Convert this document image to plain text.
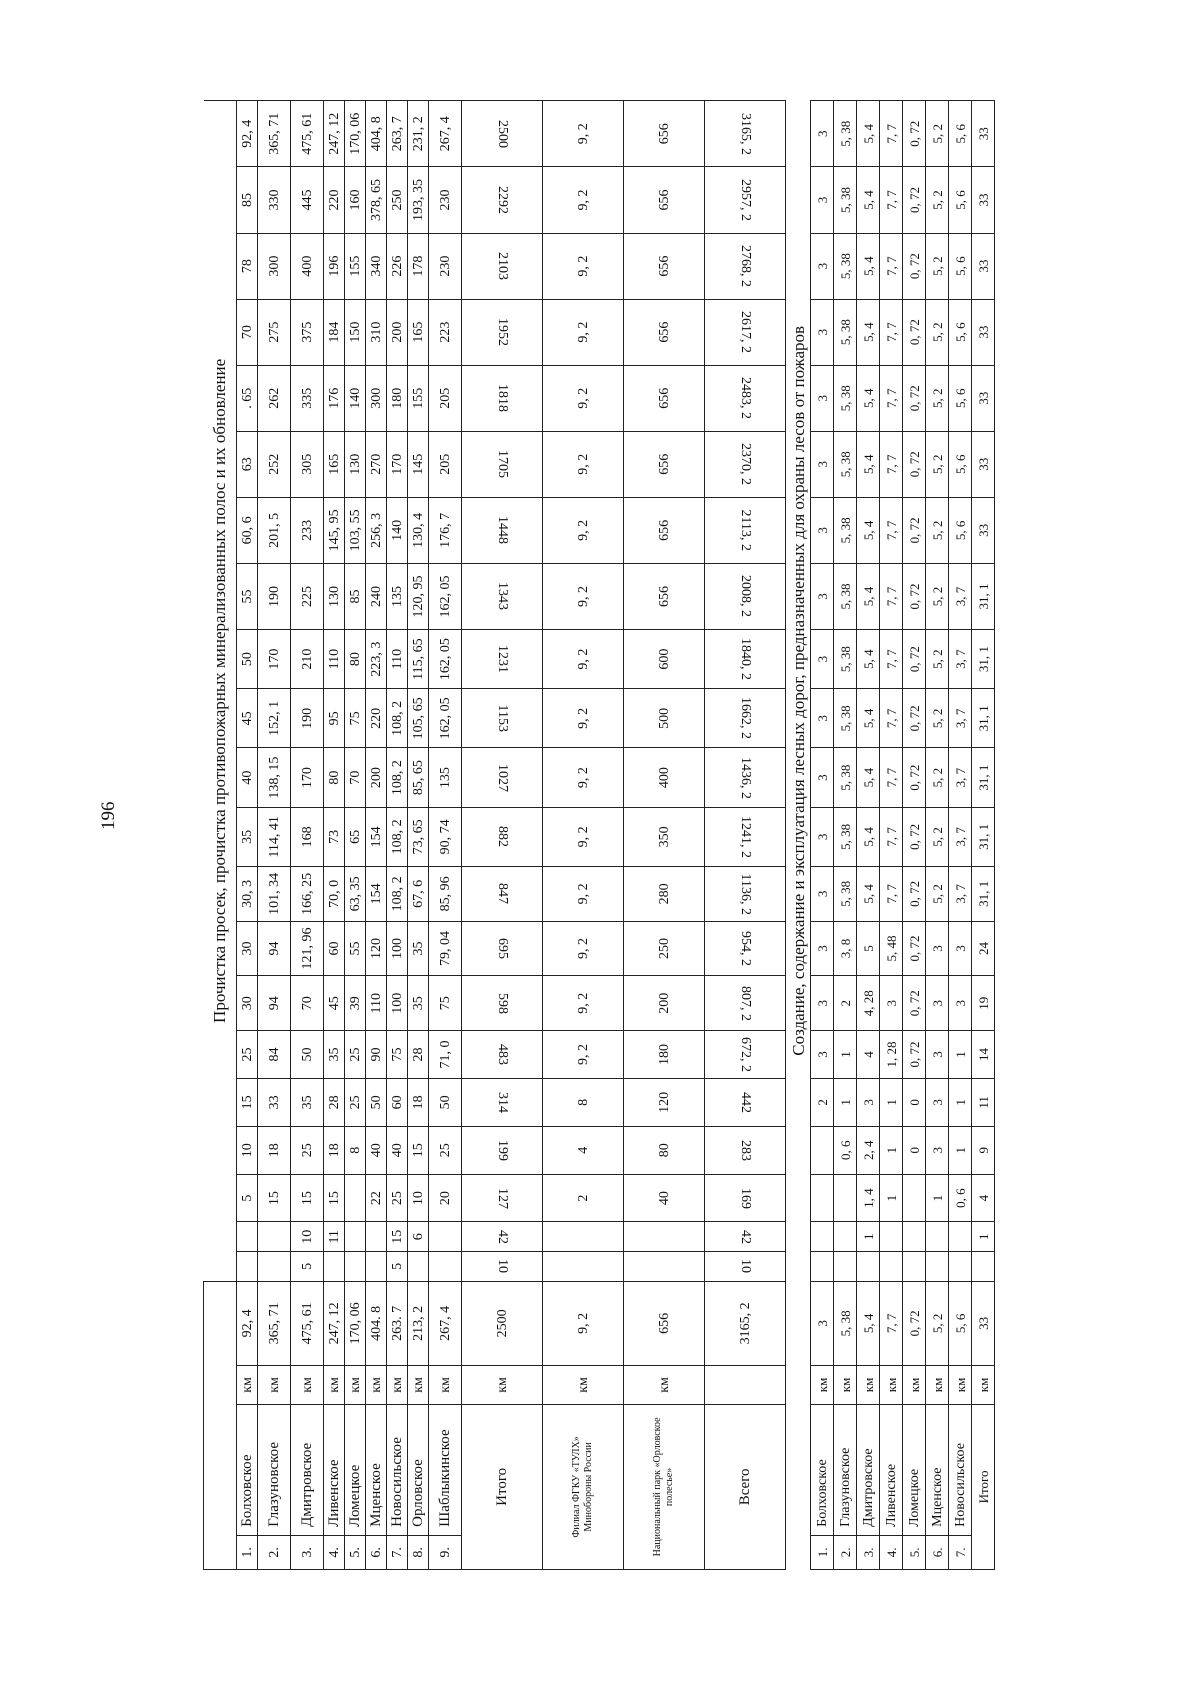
196
				Прочистка просек, прочистка противопожарных минерализованных полос и их обновление																				
1.	Болховское	км	92, 4			5	10	15	25	30	30	30, 3	35	40	45	50	55	60, 6	63	. 65	70	78	85	92, 4
2.	Глазуновское	км	365, 71			15	18	33	84	94	94	101, 34	114, 41	138, 15	152, 1	170	190	201, 5	252	262	275	300	330	365, 71
3.	Дмитровское	км	475, 61	5	10	15	25	35	50	70	121, 96	166, 25	168	170	190	210	225	233	305	335	375	400	445	475, 61
4.	Ливенское	км	247, 12		11	15	18	28	35	45	60	70, 0	73	80	95	110	130	145, 95	165	176	184	196	220	247, 12
5.	Ломецкое	км	170, 06				8	25	25	39	55	63, 35	65	70	75	80	85	103, 55	130	140	150	155	160	170, 06
6.	Мценское	км	404. 8			22	40	50	90	110	120	154	154	200	220	223, 3	240	256, 3	270	300	310	340	378, 65	404, 8
7.	Новосильское	км	263. 7	5	15	25	40	60	75	100	100	108, 2	108, 2	108, 2	108, 2	110	135	140	170	180	200	226	250	263, 7
8.	Орловское	км	213, 2		6	10	15	18	28	35	35	67, 6	73, 65	85, 65	105, 65	115, 65	120, 95	130, 4	145	155	165	178	193, 35	231, 2
9.	Шаблыкинское	км	267, 4			20	25	50	71, 0	75	79, 04	85, 96	90, 74	135	162, 05	162, 05	162, 05	176, 7	205	205	223	230	230	267, 4
Итого		км	2500	10	42	127	199	314	483	598	695	847	882	1027	1153	1231	1343	1448	1705	1818	1952	2103	2292	2500
Филиал ФГКУ «ТУЛХ» Минобороны России		км	9, 2			2	4	8	9, 2	9, 2	9, 2	9, 2	9, 2	9, 2	9, 2	9, 2	9, 2	9, 2	9, 2	9, 2	9, 2	9, 2	9, 2	9, 2
Национальный парк «Орловское полесье»		км	656			40	80	120	180	200	250	280	350	400	500	600	656	656	656	656	656	656	656	656
Всего			3165, 2	10	42	169	283	442	672, 2	807, 2	954, 2	1136, 2	1241, 2	1436, 2	1662, 2	1840, 2	2008, 2	2113, 2	2370, 2	2483, 2	2617, 2	2768, 2	2957, 2	3165, 2
				Создание, содержание и эксплуатация лесных дорог, предназначенных для охраны лесов от пожаров																				
1.	Болховское	км	3					2	3	3	3	3	3	3	3	3	3	3	3	3	3	3	3	3
2.	Глазуновское	км	5, 38				0, 6	1	1	2	3, 8	5, 38	5, 38	5, 38	5, 38	5, 38	5, 38	5, 38	5, 38	5, 38	5, 38	5, 38	5, 38	5, 38
3.	Дмитровское	км	5, 4		1	1, 4	2, 4	3	4	4, 28	5	5, 4	5, 4	5, 4	5, 4	5, 4	5, 4	5, 4	5, 4	5, 4	5, 4	5, 4	5, 4	5, 4
4.	Ливенское	км	7, 7			1	1	1	1, 28	3	5, 48	7, 7	7, 7	7, 7	7, 7	7, 7	7, 7	7, 7	7, 7	7, 7	7, 7	7, 7	7, 7	7, 7
5.	Ломецкое	км	0, 72				0	0	0, 72	0, 72	0, 72	0, 72	0, 72	0, 72	0, 72	0, 72	0, 72	0, 72	0, 72	0, 72	0, 72	0, 72	0, 72	0, 72
6.	Мценское	км	5, 2			1	3	3	3	3	3	5, 2	5, 2	5, 2	5, 2	5, 2	5, 2	5, 2	5, 2	5, 2	5, 2	5, 2	5, 2	5, 2
7.	Новосильское	км	5, 6			0, 6	1	1	1	3	3	3, 7	3, 7	3, 7	3, 7	3, 7	3, 7	5, 6	5, 6	5, 6	5, 6	5, 6	5, 6	5, 6
Итого		км	33		1	4	9	11	14	19	24	31, 1	31, 1	31, 1	31, 1	31, 1	31, 1	33	33	33	33	33	33	33
